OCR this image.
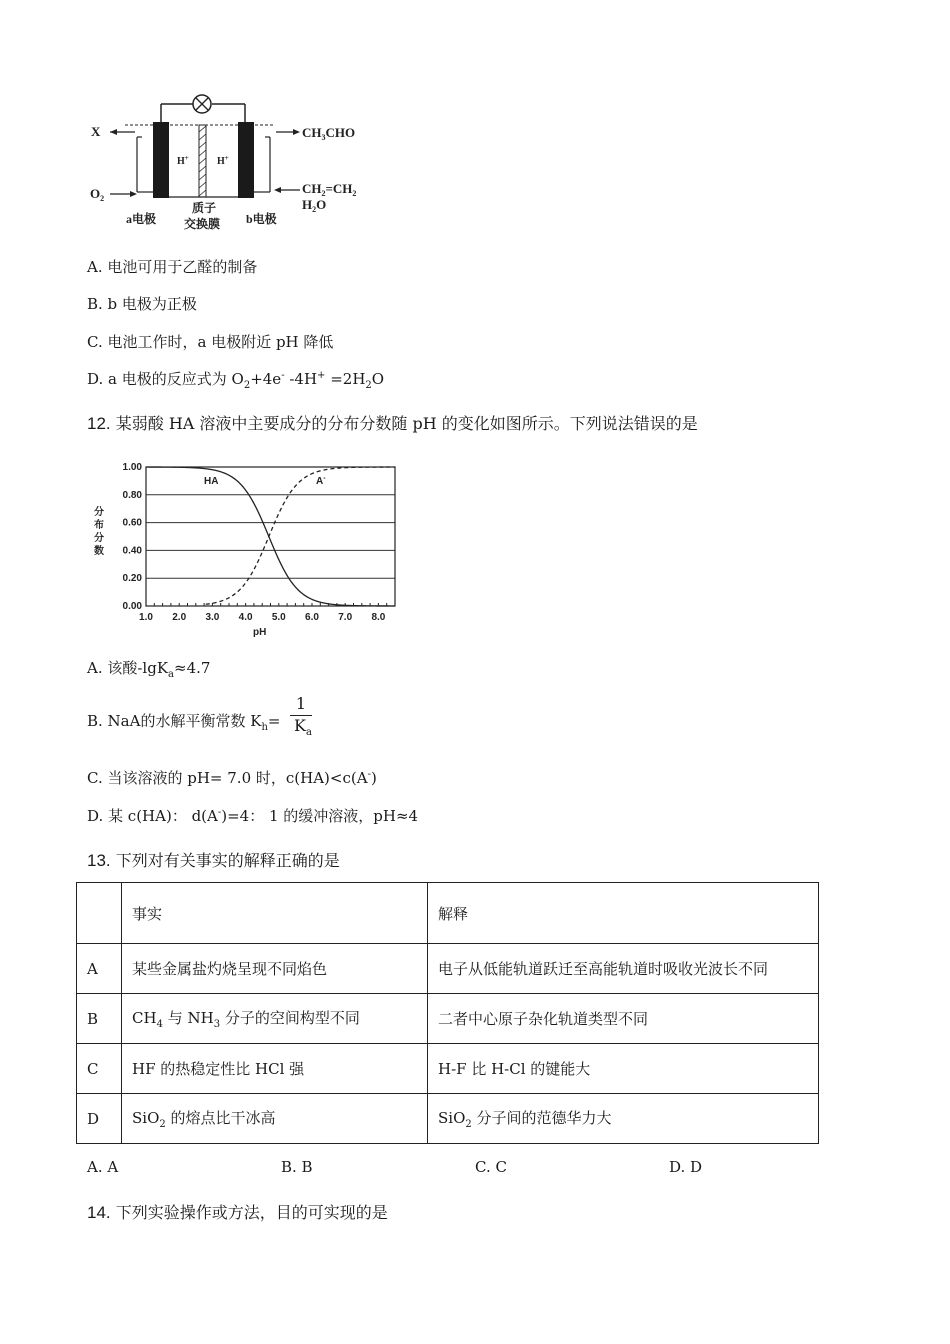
X
$O_2$
H+	H+
$CH_3CHO$
$CH_2=CH_2$
$H_2O$
质子
交换膜
a电极	b电极
A. 电池可用于乙醛的制备
B. b 电极为正极
C. 电池工作时，a 电极附近 pH 降低
D. a 电极的反应式为 $O_2+4e^-$ $-4H^+ =2H_2O$
12. 某弱酸 HA 溶液中主要成分的分布分数随 pH 的变化如图所示。下列说法错误的是
0.00
0.20
0.40
0.60
0.80
1.00
1.0 2.0 3.0 4.0 5.0 6.0 7.0 8.0
HA	A-
pH
分布分数
A. 该酸-lgK$_a$≈4.7
B. NaA的水解平衡常数 $K_h=$
1
$K_a$
C. 当该溶液的 pH= 7.0 时，c(HA)<c(A-)
D. 某 c(HA)： d(A-)=4： 1 的缓冲溶液，pH≈4
13. 下列对有关事实的解释正确的是
	事实	解释
A	某些金属盐灼烧呈现不同焰色	电子从低能轨道跃迁至高能轨道时吸收光波长不同
B	$CH_4$ 与 $NH_3$ 分子的空间构型不同	二者中心原子杂化轨道类型不同
C	HF 的热稳定性比 HCl 强	H-F 比 H-Cl 的键能大
D	SiO$_2$ 的熔点比干冰高	SiO$_2$ 分子间的范德华力大
A. A	B. B	C. C	D. D
14. 下列实验操作或方法，目的可实现的是
